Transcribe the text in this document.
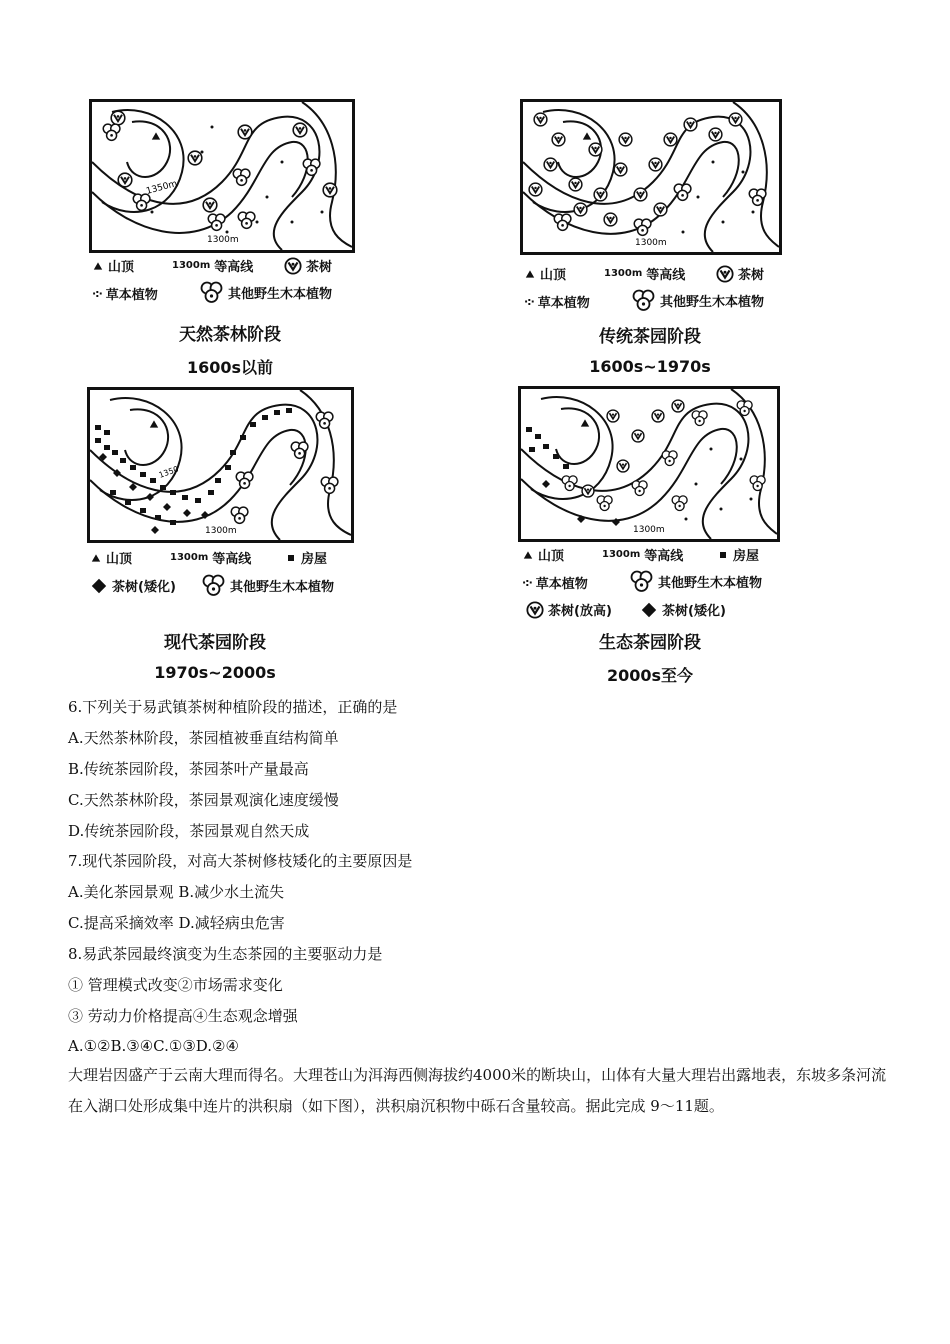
1350m
1300m
山顶	1300m 等高线	茶树
·:· 草本植物	其他野生木本植物
天然茶林阶段
1600s以前
1300m
山顶	1300m 等高线	茶树
·:· 草本植物	其他野生木本植物
传统茶园阶段
1600s~1970s
1350
1300m
山顶	1300m 等高线	房屋
茶树(矮化)	其他野生木本植物
现代茶园阶段
1970s~2000s
1300m
山顶	1300m 等高线	房屋
·:· 草本植物	其他野生木本植物
茶树(放高)	茶树(矮化)
生态茶园阶段
2000s至今
6.下列关于易武镇茶树种植阶段的描述，正确的是
A.天然茶林阶段，茶园植被垂直结构简单
B.传统茶园阶段，茶园茶叶产量最高
C.天然茶林阶段，茶园景观演化速度缓慢
D.传统茶园阶段，茶园景观自然天成
7.现代茶园阶段，对高大茶树修枝矮化的主要原因是
A.美化茶园景观 B.减少水土流失
C.提高采摘效率 D.减轻病虫危害
8.易武茶园最终演变为生态茶园的主要驱动力是
① 管理模式改变②市场需求变化
③ 劳动力价格提高④生态观念增强
A.①②B.③④C.①③D.②④
大理岩因盛产于云南大理而得名。大理苍山为洱海西侧海拔约4000米的断块山，山体有大量大理岩出露地表，东坡多条河流在入湖口处形成集中连片的洪积扇（如下图），洪积扇沉积物中砾石含量较高。据此完成 9～11题。
